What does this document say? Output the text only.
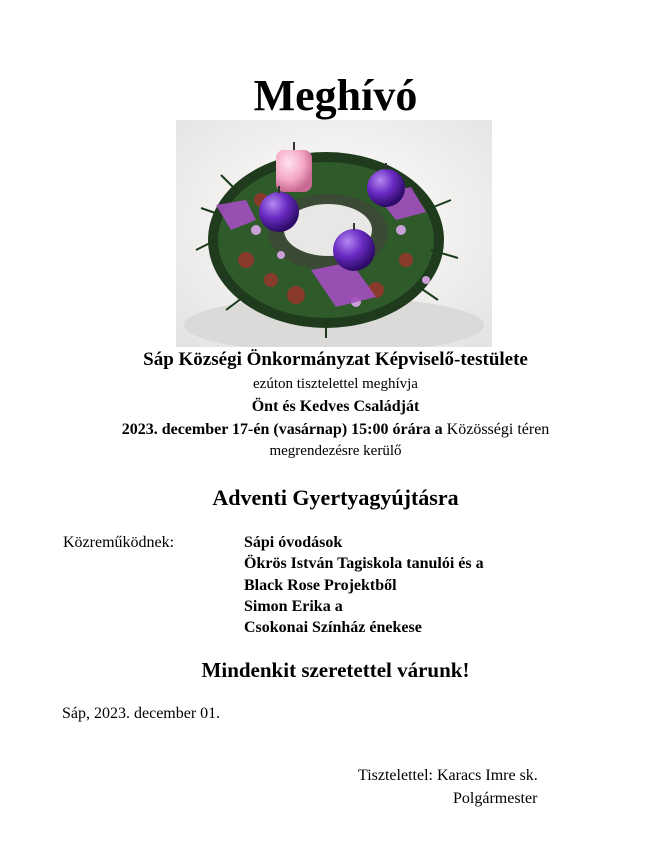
Meghívó
Sáp Községi Önkormányzat Képviselő-testülete
ezúton tisztelettel meghívja
Önt és Kedves Családját
2023. december 17-én (vasárnap) 15:00 órára a Közösségi téren
megrendezésre kerülő
Adventi Gyertyagyújtásra
Közreműködnek:	Sápi óvodások
Ökrös István Tagiskola tanulói és a
Black Rose Projektből
Simon Erika a
Csokonai Színház énekese
Mindenkit szeretettel várunk!
Sáp, 2023. december 01.
Tisztelettel: Karacs Imre sk.
Polgármester
